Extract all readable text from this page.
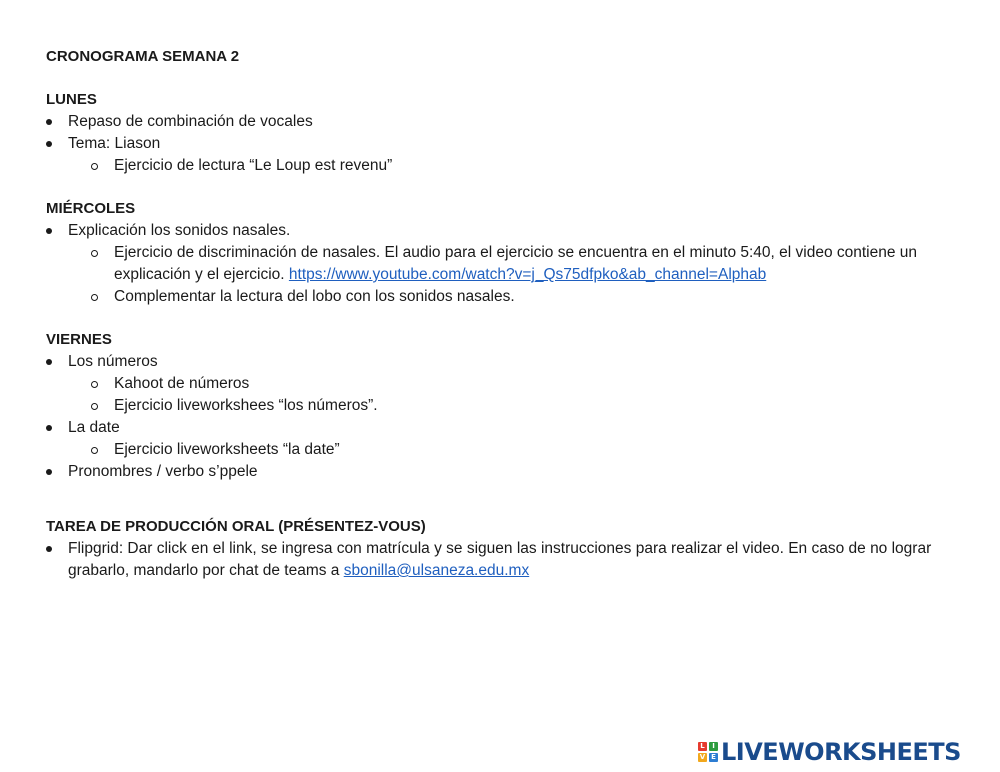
CRONOGRAMA SEMANA 2

LUNES

Repaso de combinación de vocales
Tema: Liason
Ejercicio de lectura “Le Loup est revenu”

MIÉRCOLES

Explicación los sonidos nasales.
Ejercicio de discriminación de nasales. El audio para el ejercicio se encuentra en el minuto 5:40, el video contiene un
explicación y el ejercicio. https://www.youtube.com/watch?v=j_Qs75dfpko&ab_channel=Alphab
Complementar la lectura del lobo con los sonidos nasales.

VIERNES

Los números
Kahoot de números
Ejercicio liveworkshees “los números”.
La date
Ejercicio liveworksheets “la date”
Pronombres / verbo s’ppele

TAREA DE PRODUCCIÓN ORAL (PRÉSENTEZ-VOUS)

Flipgrid: Dar click en el link, se ingresa con matrícula y se siguen las instrucciones para realizar el video. En caso de no lograr
grabarlo, mandarlo por chat de teams a sbonilla@ulsaneza.edu.mx
L	I
V E LIVEWORKSHEETS
